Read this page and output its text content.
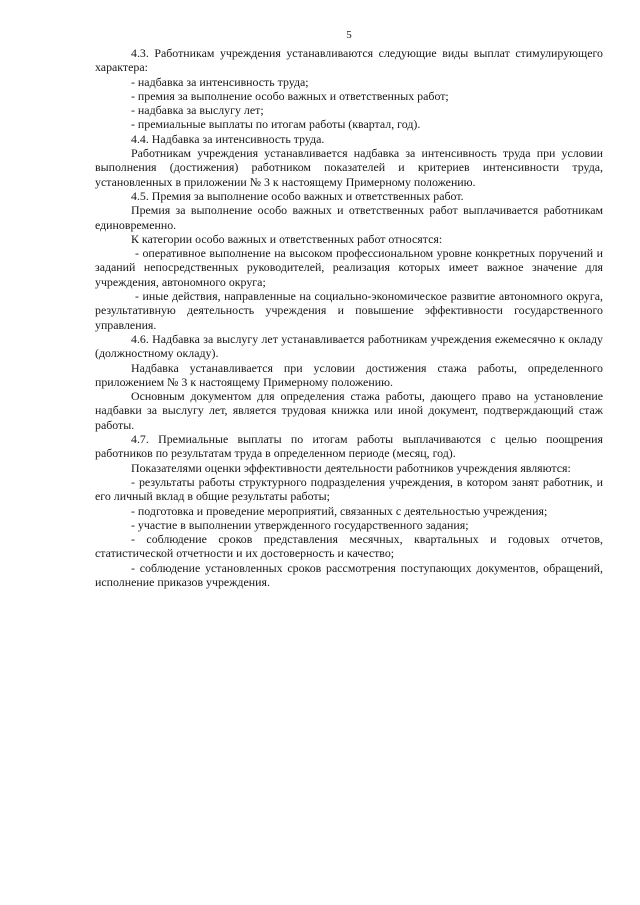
5

4.3. Работникам учреждения устанавливаются следующие виды выплат стимулирующего характера:

- надбавка за интенсивность труда;

- премия за выполнение особо важных и ответственных работ;

- надбавка за выслугу лет;

- премиальные выплаты по итогам работы (квартал, год).

4.4. Надбавка за интенсивность труда.

Работникам учреждения устанавливается надбавка за интенсивность труда при условии выполнения (достижения) работником показателей и критериев интенсивности труда, установленных в приложении № 3 к настоящему Примерному положению.

4.5. Премия за выполнение особо важных и ответственных работ.

Премия за выполнение особо важных и ответственных работ выплачивается работникам единовременно.

К категории особо важных и ответственных работ относятся:

- оперативное выполнение на высоком профессиональном уровне конкретных поручений и заданий непосредственных руководителей, реализация которых имеет важное значение для учреждения, автономного округа;

- иные действия, направленные на социально-экономическое развитие автономного округа, результативную деятельность учреждения и повышение эффективности государственного управления.

4.6. Надбавка за выслугу лет устанавливается работникам учреждения ежемесячно к окладу (должностному окладу).

Надбавка устанавливается при условии достижения стажа работы, определенного приложением № 3 к настоящему Примерному положению.

Основным документом для определения стажа работы, дающего право на установление надбавки за выслугу лет, является трудовая книжка или иной документ, подтверждающий стаж работы.

4.7. Премиальные выплаты по итогам работы выплачиваются с целью поощрения работников по результатам труда в определенном периоде (месяц, год).

Показателями оценки эффективности деятельности работников учреждения являются:

- результаты работы структурного подразделения учреждения, в котором занят работник, и его личный вклад в общие результаты работы;

- подготовка и проведение мероприятий, связанных с деятельностью учреждения;

- участие в выполнении утвержденного государственного задания;

- соблюдение сроков представления месячных, квартальных и годовых отчетов, статистической отчетности и их достоверность и качество;

- соблюдение установленных сроков рассмотрения поступающих документов, обращений, исполнение приказов учреждения.
